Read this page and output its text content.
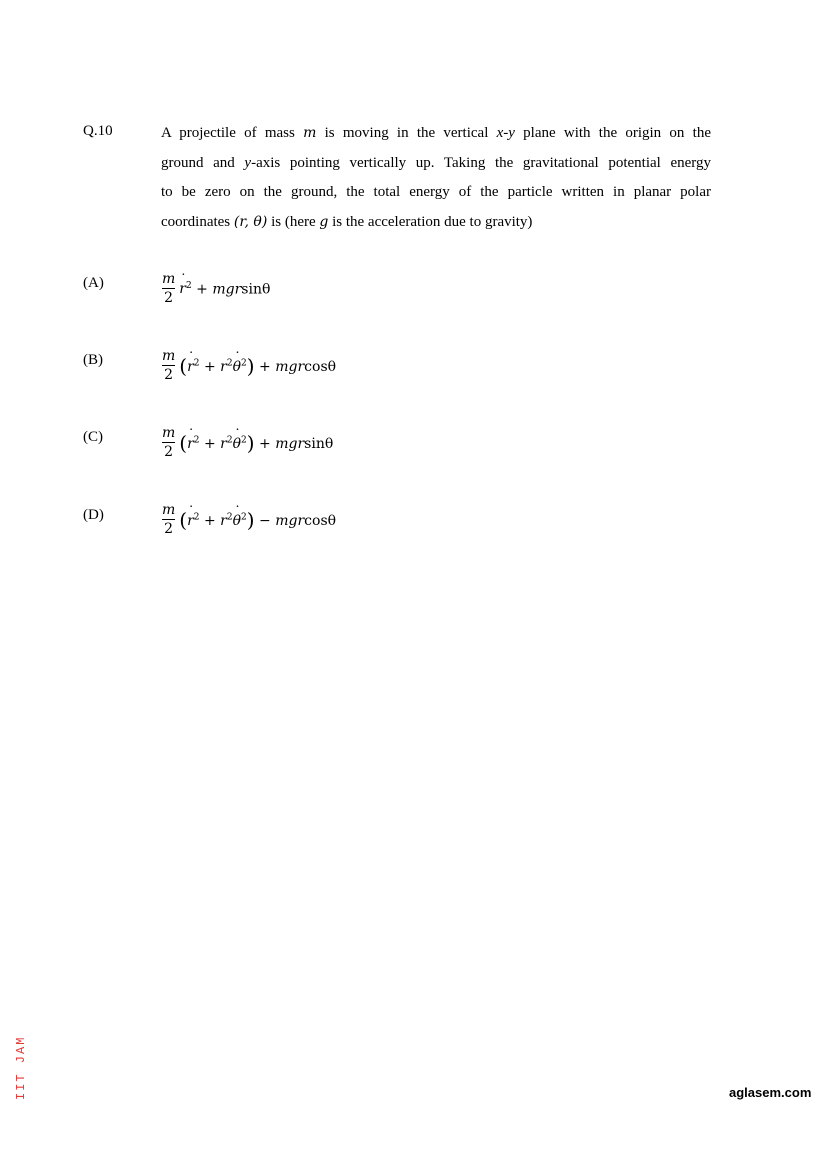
Q.10	A projectile of mass m is moving in the vertical x-y plane with the origin on the
ground and y-axis pointing vertically up. Taking the gravitational potential energy
to be zero on the ground, the total energy of the particle written in planar polar
coordinates (r, θ) is (here g is the acceleration due to gravity)
(A)	$\frac{m}{2}$ r ˙$^2$ + mgrsinθ
(B)	$\frac{m}{2} (r$ ˙$^2$ + $r^2\theta$ ˙$^2$) + mgrcosθ
(C)	$\frac{m}{2} (r$ ˙$^2$ + $r^2\theta$ ˙$^2$) + mgrsinθ
(D)	$\frac{m}{2} (r$ ˙$^2$ + $r^2\theta$ ˙$^2$) − mgrcosθ
IIT JAM	aglasem.com
